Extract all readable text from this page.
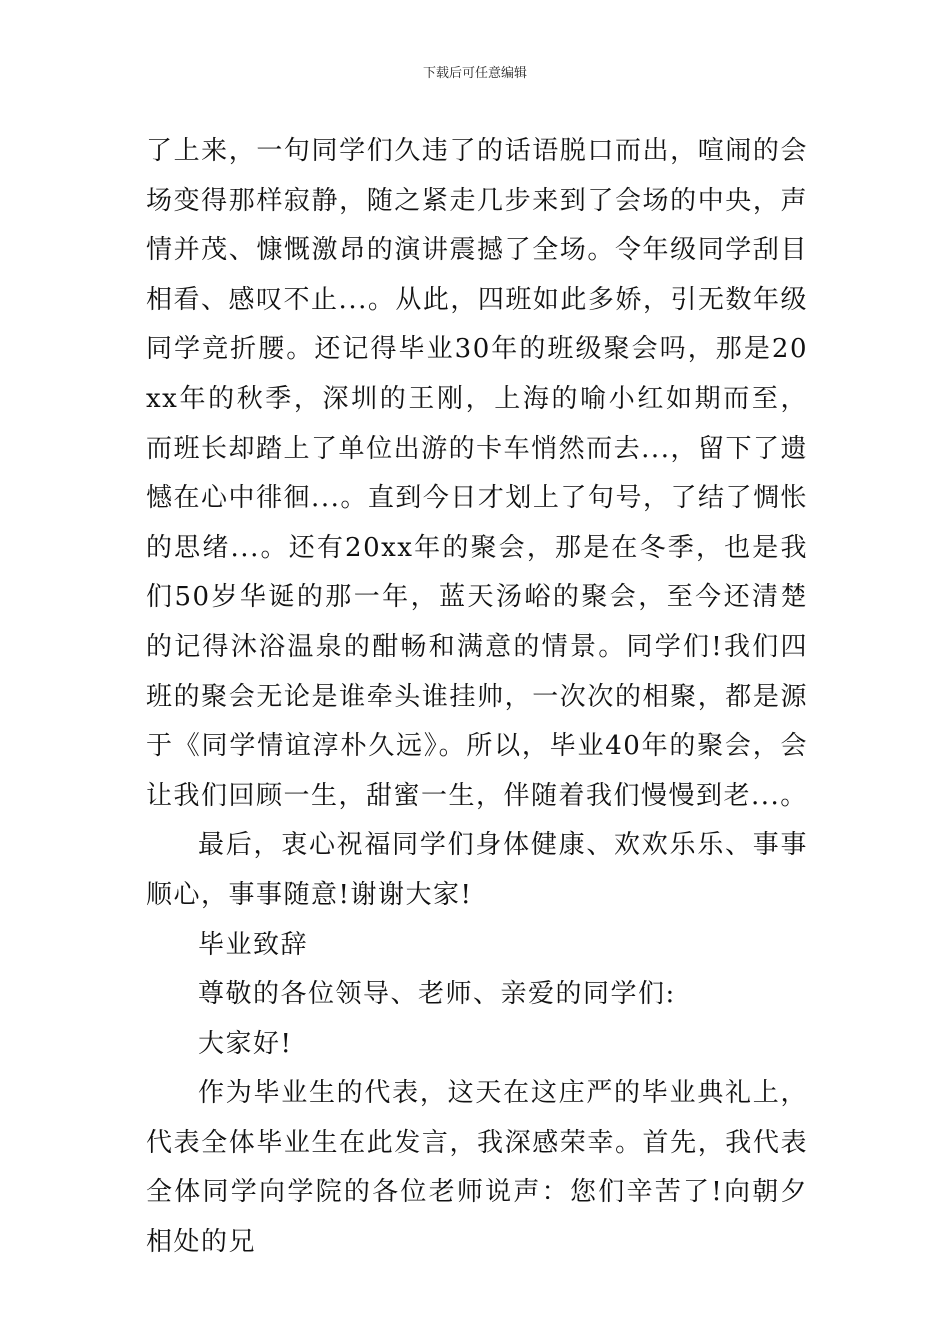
下载后可任意编辑

了上来，一句同学们久违了的话语脱口而出，喧闹的会场变得那样寂静，随之紧走几步来到了会场的中央，声情并茂、慷慨激昂的演讲震撼了全场。令年级同学刮目相看、感叹不止...。从此，四班如此多娇，引无数年级同学竞折腰。还记得毕业30年的班级聚会吗，那是20xx年的秋季，深圳的王刚，上海的喻小红如期而至，而班长却踏上了单位出游的卡车悄然而去...，留下了遗憾在心中徘徊...。直到今日才划上了句号，了结了惆怅的思绪...。还有20xx年的聚会，那是在冬季，也是我们50岁华诞的那一年，蓝天汤峪的聚会，至今还清楚的记得沐浴温泉的酣畅和满意的情景。同学们!我们四班的聚会无论是谁牵头谁挂帅，一次次的相聚，都是源于《同学情谊淳朴久远》。所以，毕业40年的聚会，会让我们回顾一生，甜蜜一生，伴随着我们慢慢到老...。

最后，衷心祝福同学们身体健康、欢欢乐乐、事事顺心，事事随意!谢谢大家!

毕业致辞

尊敬的各位领导、老师、亲爱的同学们:

大家好!

作为毕业生的代表，这天在这庄严的毕业典礼上，代表全体毕业生在此发言，我深感荣幸。首先，我代表全体同学向学院的各位老师说声：您们辛苦了!向朝夕相处的兄
